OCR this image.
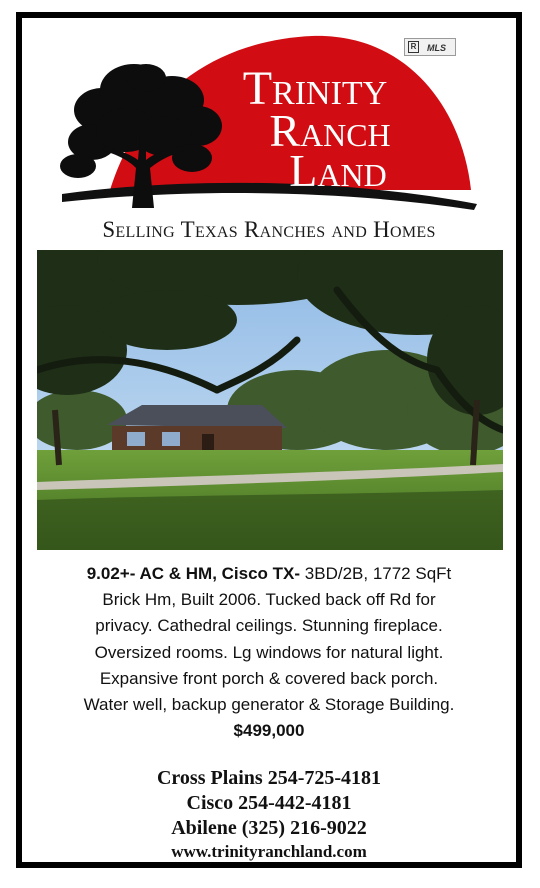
Trinity
Ranch
Land
R MLS
Selling Texas Ranches and Homes
9.02+- AC & HM, Cisco TX- 3BD/2B, 1772 SqFt
Brick Hm, Built 2006. Tucked back off Rd for
privacy. Cathedral ceilings. Stunning fireplace.
Oversized rooms. Lg windows for natural light.
Expansive front porch & covered back porch.
Water well, backup generator & Storage Building.
$499,000
Cross Plains 254-725-4181
Cisco 254-442-4181
Abilene (325) 216-9022
www.trinityranchland.com
